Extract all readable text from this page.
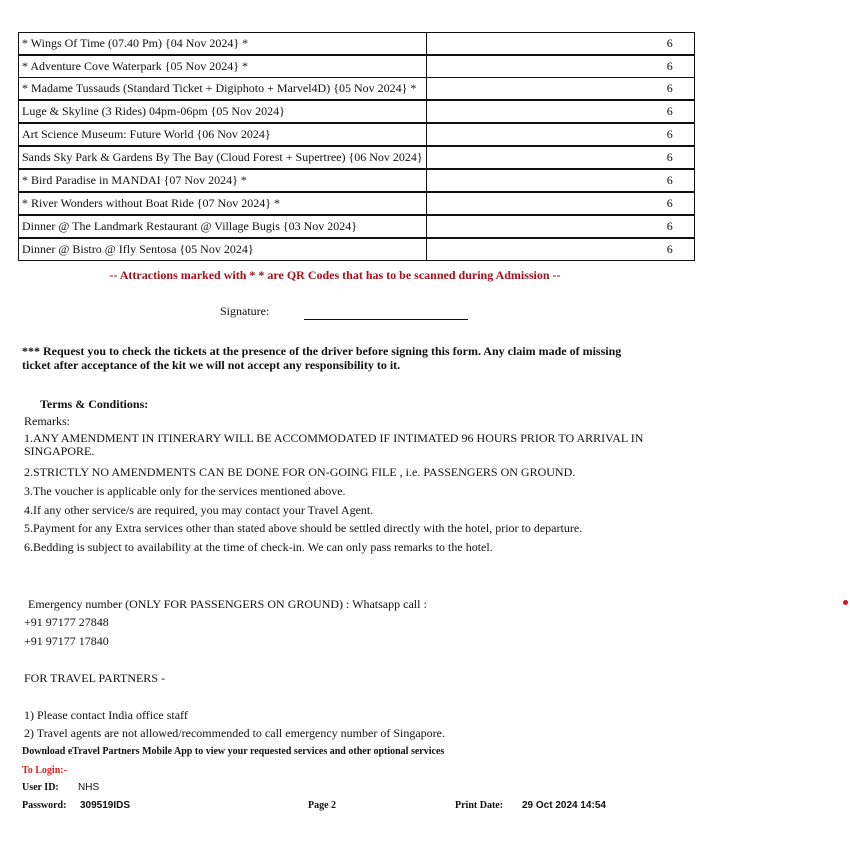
* Wings Of Time (07.40 Pm) {04 Nov 2024} *	6
* Adventure Cove Waterpark {05 Nov 2024} *	6
* Madame Tussauds (Standard Ticket + Digiphoto + Marvel4D) {05 Nov 2024} *	6
Luge & Skyline (3 Rides) 04pm-06pm {05 Nov 2024}	6
Art Science Museum: Future World {06 Nov 2024}	6
Sands Sky Park & Gardens By The Bay (Cloud Forest + Supertree) {06 Nov 2024}	6
* Bird Paradise in MANDAI {07 Nov 2024} *	6
* River Wonders without Boat Ride {07 Nov 2024} *	6
Dinner @ The Landmark Restaurant @ Village Bugis {03 Nov 2024}	6
Dinner @ Bistro @ Ifly Sentosa {05 Nov 2024}	6
-- Attractions marked with * * are QR Codes that has to be scanned during Admission --
Signature:
*** Request you to check the tickets at the presence of the driver before signing this form. Any claim made of missing ticket after acceptance of the kit we will not accept any responsibility to it.
Terms & Conditions:
Remarks:
1.ANY AMENDMENT IN ITINERARY WILL BE ACCOMMODATED IF INTIMATED 96 HOURS PRIOR TO ARRIVAL IN SINGAPORE.
2.STRICTLY NO AMENDMENTS CAN BE DONE FOR ON-GOING FILE , i.e. PASSENGERS ON GROUND.
3.The voucher is applicable only for the services mentioned above.
4.If any other service/s are required, you may contact your Travel Agent.
5.Payment for any Extra services other than stated above should be settled directly with the hotel, prior to departure.
6.Bedding is subject to availability at the time of check-in. We can only pass remarks to the hotel.
Emergency number (ONLY FOR PASSENGERS ON GROUND) : Whatsapp call :
+91 97177 27848
+91 97177 17840
FOR TRAVEL PARTNERS -
1) Please contact India office staff
2) Travel agents are not allowed/recommended to call emergency number of Singapore.
Download eTravel Partners Mobile App to view your requested services and other optional services
To Login:-
User ID: NHS
Password: 309519IDS	Page 2	Print Date: 29 Oct 2024 14:54
